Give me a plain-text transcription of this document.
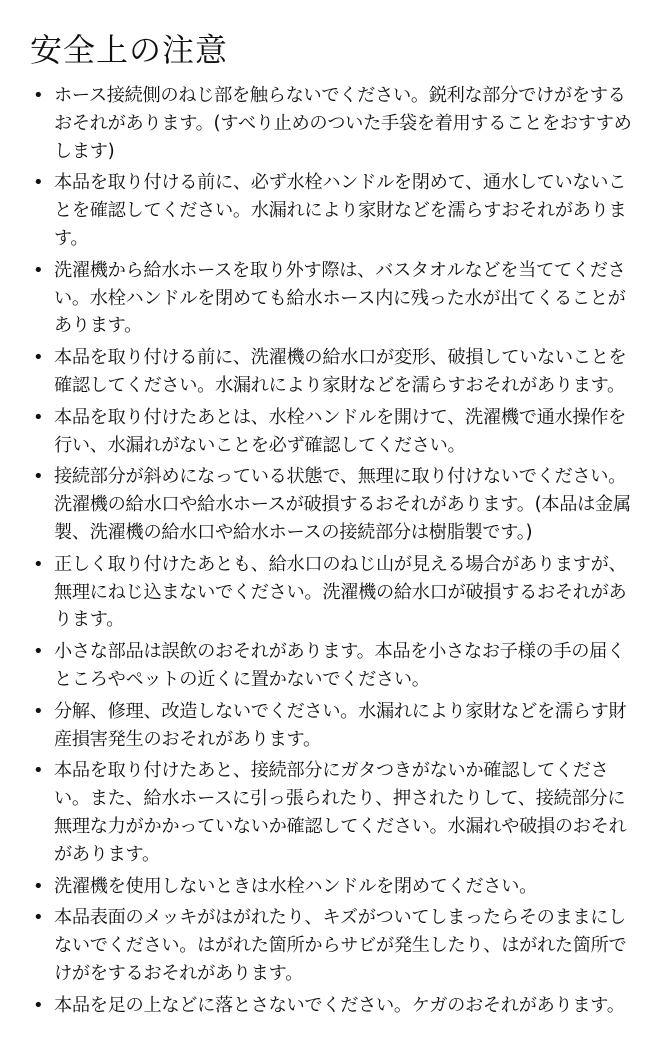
安全上の注意
• ホース接続側のねじ部を触らないでください。鋭利な部分でけがをするおそれがあります。(すべり止めのついた手袋を着用することをおすすめします)
• 本品を取り付ける前に、必ず水栓ハンドルを閉めて、通水していないことを確認してください。水漏れにより家財などを濡らすおそれがあります。
• 洗濯機から給水ホースを取り外す際は、バスタオルなどを当ててください。水栓ハンドルを閉めても給水ホース内に残った水が出てくることがあります。
• 本品を取り付ける前に、洗濯機の給水口が変形、破損していないことを確認してください。水漏れにより家財などを濡らすおそれがあります。
• 本品を取り付けたあとは、水栓ハンドルを開けて、洗濯機で通水操作を行い、水漏れがないことを必ず確認してください。
• 接続部分が斜めになっている状態で、無理に取り付けないでください。洗濯機の給水口や給水ホースが破損するおそれがあります。(本品は金属製、洗濯機の給水口や給水ホースの接続部分は樹脂製です。)
• 正しく取り付けたあとも、給水口のねじ山が見える場合がありますが、 無理にねじ込まないでください。洗濯機の給水口が破損するおそれがあります。
• 小さな部品は誤飲のおそれがあります。本品を小さなお子様の手の届くところやペットの近くに置かないでください。
• 分解、修理、改造しないでください。水漏れにより家財などを濡らす財産損害発生のおそれがあります。
• 本品を取り付けたあと、接続部分にガタつきがないか確認してください。また、給水ホースに引っ張られたり、押されたりして、接続部分に無理な力がかかっていないか確認してください。水漏れや破損のおそれがあります。
• 洗濯機を使用しないときは水栓ハンドルを閉めてください。
• 本品表面のメッキがはがれたり、キズがついてしまったらそのままにしないでください。はがれた箇所からサビが発生したり、はがれた箇所でけがをするおそれがあります。
• 本品を足の上などに落とさないでください。ケガのおそれがあります。
